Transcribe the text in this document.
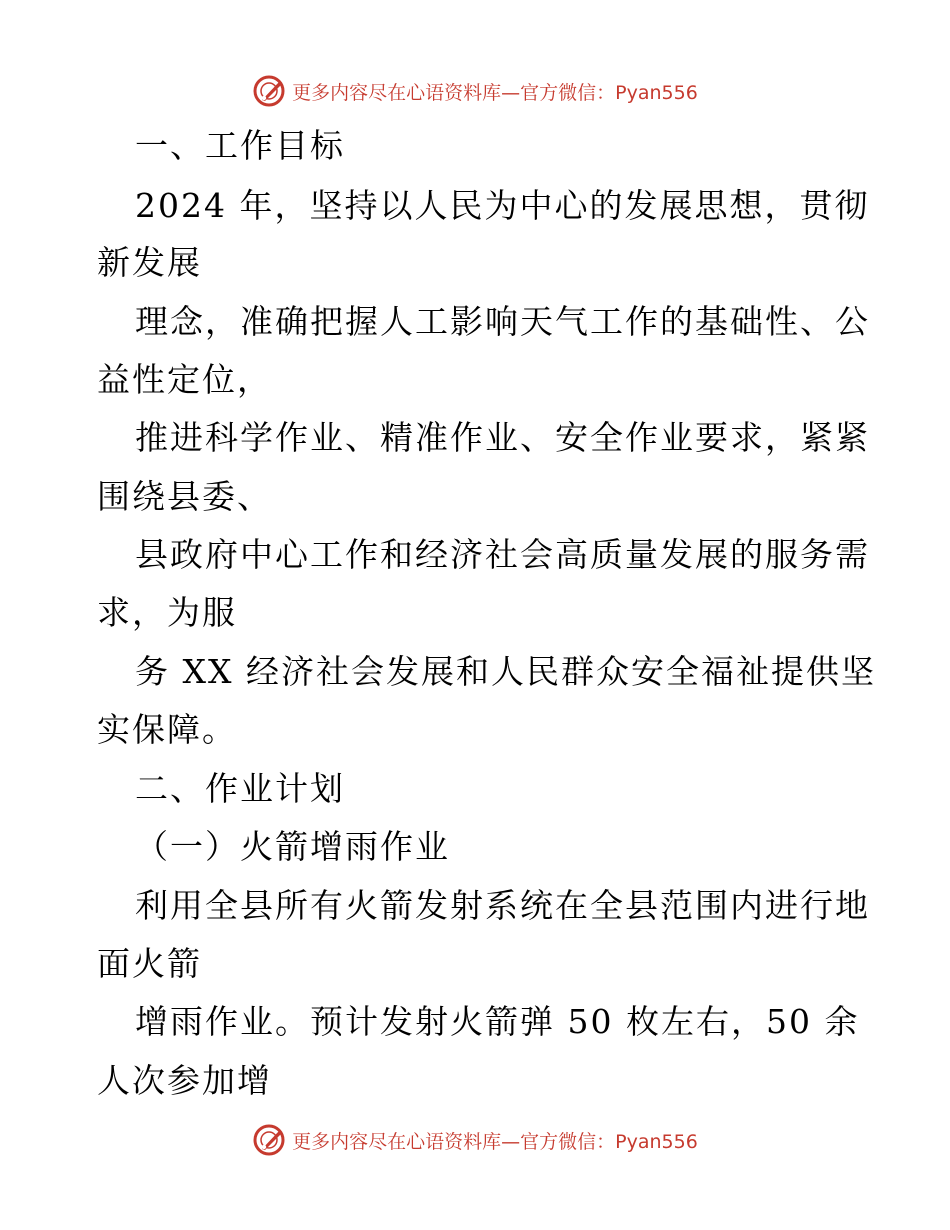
更多内容尽在心语资料库—官方微信：Pyan556
一、工作目标
2024 年，坚持以人民为中心的发展思想，贯彻
新发展
理念，准确把握人工影响天气工作的基础性、公
益性定位，
推进科学作业、精准作业、安全作业要求，紧紧
围绕县委、
县政府中心工作和经济社会高质量发展的服务需
求，为服
务 XX 经济社会发展和人民群众安全福祉提供坚
实保障。
二、作业计划
（一）火箭增雨作业
利用全县所有火箭发射系统在全县范围内进行地
面火箭
增雨作业。预计发射火箭弹 50 枚左右，50 余
人次参加增
更多内容尽在心语资料库—官方微信：Pyan556
